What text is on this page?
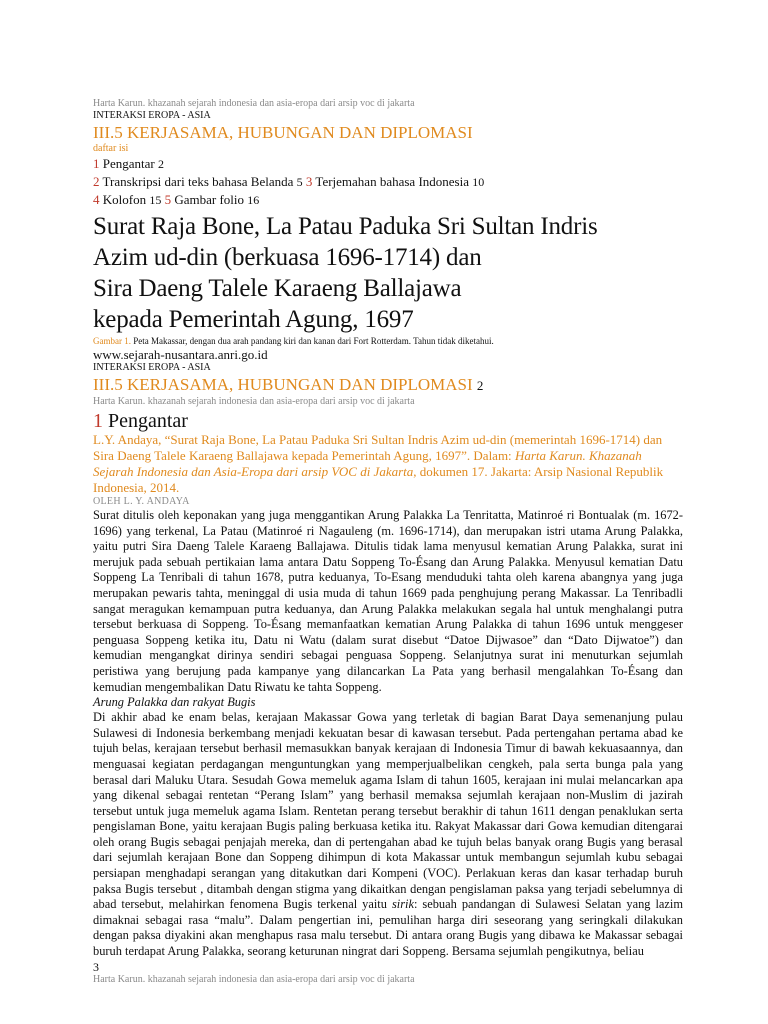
Harta Karun. khazanah sejarah indonesia dan asia-eropa dari arsip voc di jakarta
INTERAKSI EROPA - ASIA
III.5 KERJASAMA, HUBUNGAN DAN DIPLOMASI
daftar isi
1 Pengantar 2
2 Transkripsi dari teks bahasa Belanda 5 3 Terjemahan bahasa Indonesia 10
4 Kolofon 15 5 Gambar folio 16
Surat Raja Bone, La Patau Paduka Sri Sultan Indris
Azim ud-din (berkuasa 1696-1714) dan
Sira Daeng Talele Karaeng Ballajawa
kepada Pemerintah Agung, 1697
Gambar 1. Peta Makassar, dengan dua arah pandang kiri dan kanan dari Fort Rotterdam. Tahun tidak diketahui.
www.sejarah-nusantara.anri.go.id
INTERAKSI EROPA - ASIA
III.5 KERJASAMA, HUBUNGAN DAN DIPLOMASI 2
Harta Karun. khazanah sejarah indonesia dan asia-eropa dari arsip voc di jakarta
1 Pengantar
L.Y. Andaya, “Surat Raja Bone, La Patau Paduka Sri Sultan Indris Azim ud-din (memerintah 1696-1714) dan Sira Daeng Talele Karaeng Ballajawa kepada Pemerintah Agung, 1697”. Dalam: Harta Karun. Khazanah Sejarah Indonesia dan Asia-Eropa dari arsip VOC di Jakarta, dokumen 17. Jakarta: Arsip Nasional Republik Indonesia, 2014.
OLEH L. Y. ANDAYA

Surat ditulis oleh keponakan yang juga menggantikan Arung Palakka La Tenritatta, Matinroé ri Bontualak (m. 1672-1696) yang terkenal, La Patau (Matinroé ri Nagauleng (m. 1696-1714), dan merupakan istri utama Arung Palakka, yaitu putri Sira Daeng Talele Karaeng Ballajawa. Ditulis tidak lama menyusul kematian Arung Palakka, surat ini merujuk pada sebuah pertikaian lama antara Datu Soppeng To-Ésang dan Arung Palakka. Menyusul kematian Datu Soppeng La Tenribali di tahun 1678, putra keduanya, To-Esang menduduki tahta oleh karena abangnya yang juga merupakan pewaris tahta, meninggal di usia muda di tahun 1669 pada penghujung perang Makassar. La Tenribadli sangat meragukan kemampuan putra keduanya, dan Arung Palakka melakukan segala hal untuk menghalangi putra tersebut berkuasa di Soppeng. To-Ésang memanfaatkan kematian Arung Palakka di tahun 1696 untuk menggeser penguasa Soppeng ketika itu, Datu ni Watu (dalam surat disebut “Datoe Dijwasoe” dan “Dato Dijwatoe”) dan kemudian mengangkat dirinya sendiri sebagai penguasa Soppeng. Selanjutnya surat ini menuturkan sejumlah peristiwa yang berujung pada kampanye yang dilancarkan La Pata yang berhasil mengalahkan To-Ésang dan kemudian mengembalikan Datu Riwatu ke tahta Soppeng.

Arung Palakka dan rakyat Bugis

Di akhir abad ke enam belas, kerajaan Makassar Gowa yang terletak di bagian Barat Daya semenanjung pulau Sulawesi di Indonesia berkembang menjadi kekuatan besar di kawasan tersebut. Pada pertengahan pertama abad ke tujuh belas, kerajaan tersebut berhasil memasukkan banyak kerajaan di Indonesia Timur di bawah kekuasaannya, dan menguasai kegiatan perdagangan menguntungkan yang memperjualbelikan cengkeh, pala serta bunga pala yang berasal dari Maluku Utara. Sesudah Gowa memeluk agama Islam di tahun 1605, kerajaan ini mulai melancarkan apa yang dikenal sebagai rentetan “Perang Islam” yang berhasil memaksa sejumlah kerajaan non-Muslim di jazirah tersebut untuk juga memeluk agama Islam. Rentetan perang tersebut berakhir di tahun 1611 dengan penaklukan serta pengislaman Bone, yaitu kerajaan Bugis paling berkuasa ketika itu. Rakyat Makassar dari Gowa kemudian ditengarai oleh orang Bugis sebagai penjajah mereka, dan di pertengahan abad ke tujuh belas banyak orang Bugis yang berasal dari sejumlah kerajaan Bone dan Soppeng dihimpun di kota Makassar untuk membangun sejumlah kubu sebagai persiapan menghadapi serangan yang ditakutkan dari Kompeni (VOC). Perlakuan keras dan kasar terhadap buruh paksa Bugis tersebut , ditambah dengan stigma yang dikaitkan dengan pengislaman paksa yang terjadi sebelumnya di abad tersebut, melahirkan fenomena Bugis terkenal yaitu sirik: sebuah pandangan di Sulawesi Selatan yang lazim dimaknai sebagai rasa “malu”. Dalam pengertian ini, pemulihan harga diri seseorang yang seringkali dilakukan dengan paksa diyakini akan menghapus rasa malu tersebut. Di antara orang Bugis yang dibawa ke Makassar sebagai buruh terdapat Arung Palakka, seorang keturunan ningrat dari Soppeng. Bersama sejumlah pengikutnya, beliau

3
Harta Karun. khazanah sejarah indonesia dan asia-eropa dari arsip voc di jakarta
